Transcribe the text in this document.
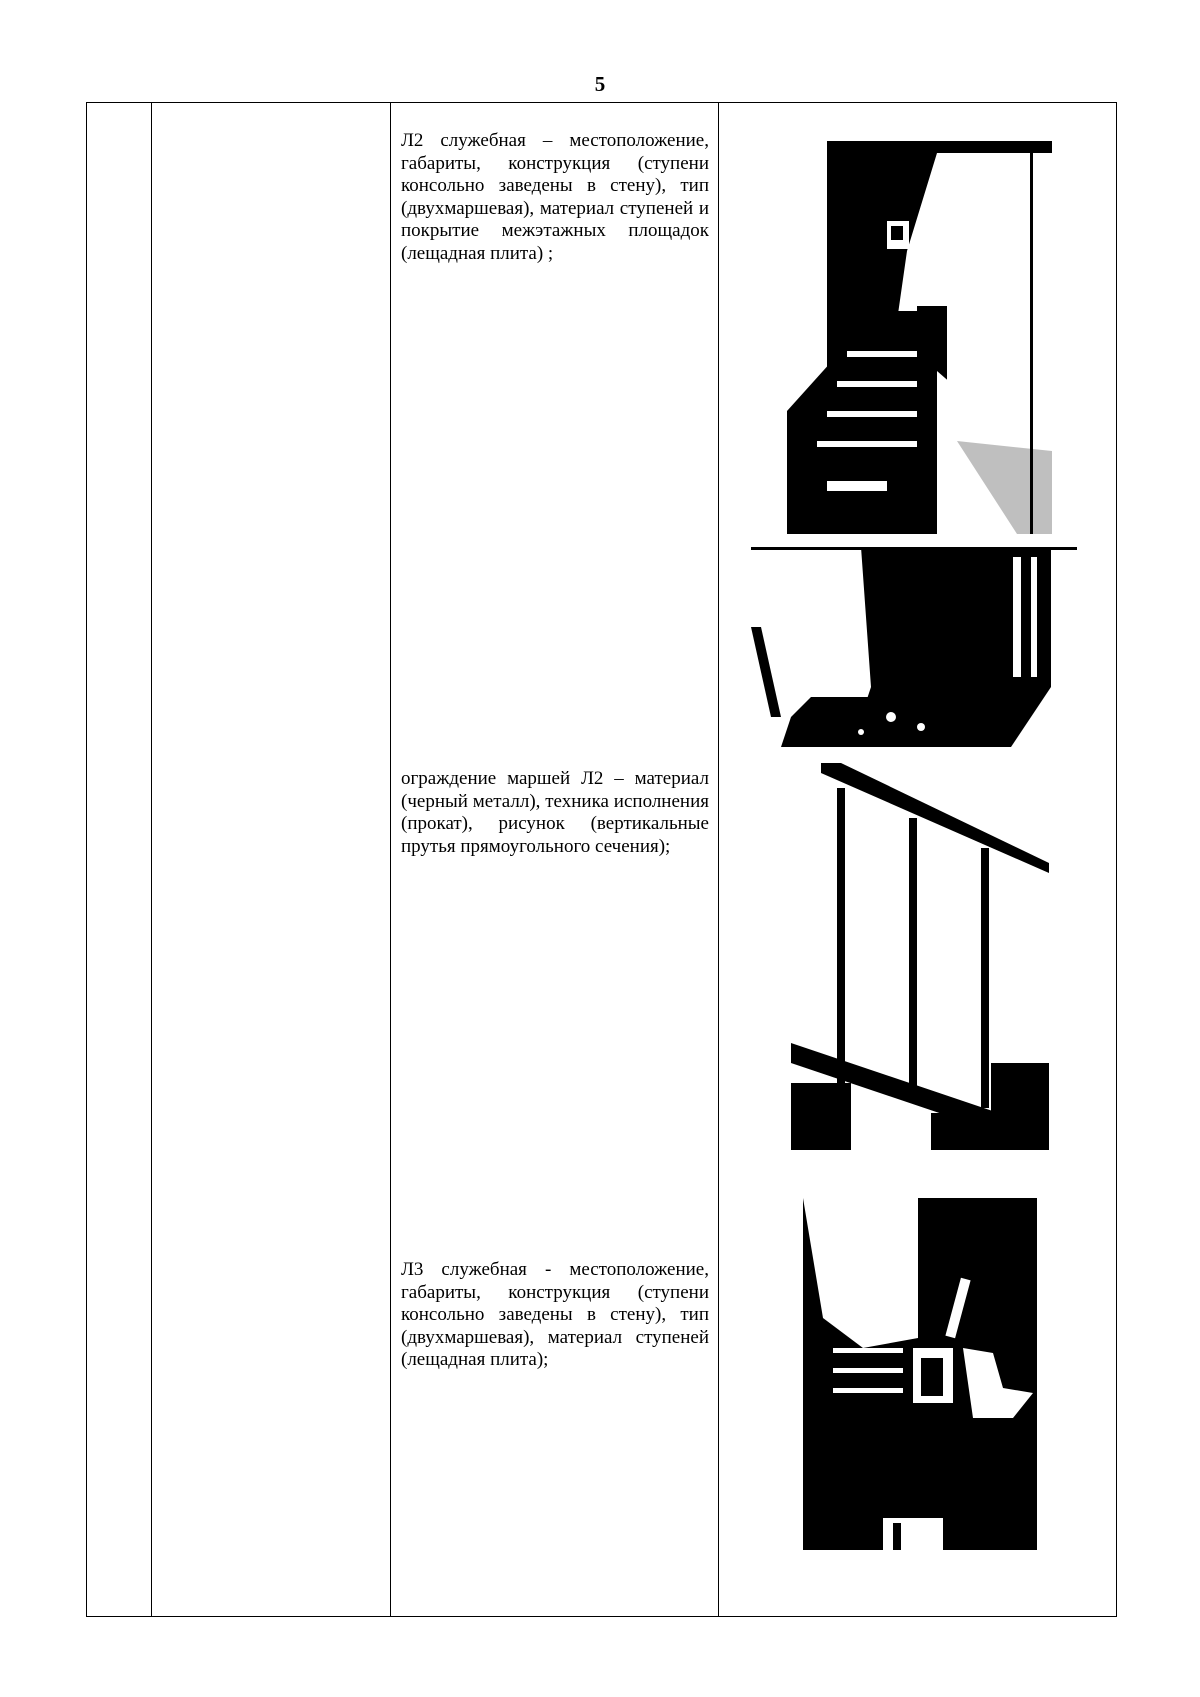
5
Л2 служебная – местоположение, габариты, конструкция (ступени консольно заведены в стену), тип (двухмаршевая), материал ступеней и покрытие межэтажных площадок (лещадная плита) ;
ограждение маршей Л2 – материал (черный металл), техника исполнения (прокат), рисунок (вертикальные прутья прямоугольного сечения);
Л3 служебная - местоположение, габариты, конструкция (ступени консольно заведены в стену), тип (двухмаршевая), материал ступеней (лещадная плита);
